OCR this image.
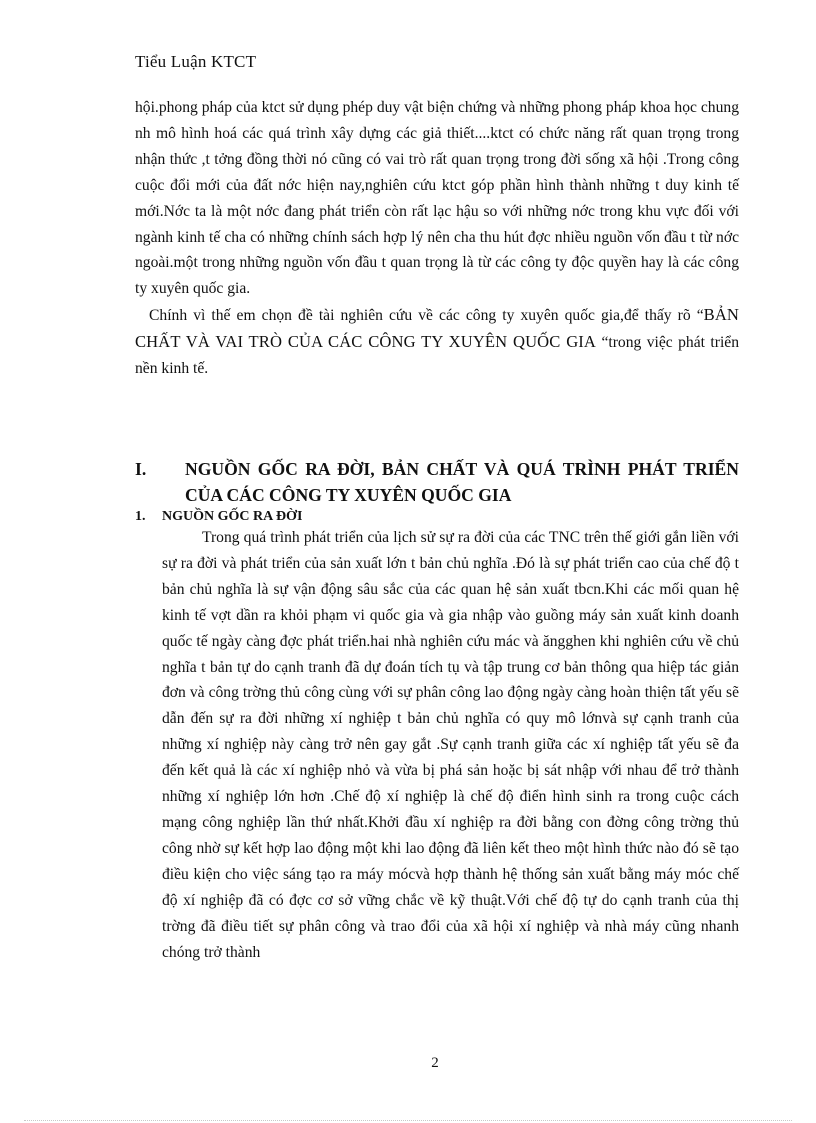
Tiểu Luận KTCT

hội.phong pháp của ktct sử dụng phép duy vật biện chứng và những phong pháp khoa học chung nh mô hình hoá các quá trình xây dựng các giả thiết....ktct có chức năng rất quan trọng trong nhận thức ,t tởng đồng thời nó cũng có vai trò rất quan trọng trong đời sống xã hội .Trong công cuộc đổi mới của đất nớc hiện nay,nghiên cứu ktct góp phần hình thành những t duy kinh tế mới.Nớc ta là một nớc đang phát triển còn rất lạc hậu so với những nớc trong khu vực đối với ngành kinh tế cha có những chính sách hợp lý nên cha thu hút đợc nhiều nguồn vốn đầu t từ nớc ngoài.một trong những nguồn vốn đầu t quan trọng là từ các công ty độc quyền hay là các công ty xuyên quốc gia.

Chính vì thế em chọn đề tài nghiên cứu về các công ty xuyên quốc gia,để thấy rõ “BẢN CHẤT VÀ VAI TRÒ CỦA CÁC CÔNG TY XUYÊN QUỐC GIA “trong việc phát triển nền kinh tế.

I. NGUỒN GỐC RA ĐỜI, BẢN CHẤT VÀ QUÁ TRÌNH PHÁT TRIỂN CỦA CÁC CÔNG TY XUYÊN QUỐC GIA
1. NGUỒN GỐC RA ĐỜI

Trong quá trình phát triển của lịch sử sự ra đời của các TNC trên thế giới gắn liền với sự ra đời và phát triển của sản xuất lớn t bản chủ nghĩa .Đó là sự phát triển cao của chế độ t bản chủ nghĩa là sự vận động sâu sắc của các quan hệ sản xuất tbcn.Khi các mối quan hệ kinh tế vợt dần ra khỏi phạm vi quốc gia và gia nhập vào guồng máy sản xuất kinh doanh quốc tế ngày càng đợc phát triển.hai nhà nghiên cứu mác và ăngghen khi nghiên cứu về chủ nghĩa t bản tự do cạnh tranh đã dự đoán tích tụ và tập trung cơ bản thông qua hiệp tác giản đơn và công trờng thủ công cùng với sự phân công lao động ngày càng hoàn thiện tất yếu sẽ dẫn đến sự ra đời những xí nghiệp t bản chủ nghĩa có quy mô lớnvà sự cạnh tranh của những xí nghiệp này càng trở nên gay gắt .Sự cạnh tranh giữa các xí nghiệp tất yếu sẽ đa đến kết quả là các xí nghiệp nhỏ và vừa bị phá sản hoặc bị sát nhập với nhau để trở thành những xí nghiệp lớn hơn .Chế độ xí nghiệp là chế độ điển hình sinh ra trong cuộc cách mạng công nghiệp lần thứ nhất.Khởi đầu xí nghiệp ra đời bằng con đờng công trờng thủ công nhờ sự kết hợp lao động một khi lao động đã liên kết theo một hình thức nào đó sẽ tạo điều kiện cho việc sáng tạo ra máy mócvà hợp thành hệ thống sản xuất bằng máy móc chế độ xí nghiệp đã có đợc cơ sở vững chắc về kỹ thuật.Với chế độ tự do cạnh tranh của thị trờng đã điều tiết sự phân công và trao đổi của xã hội xí nghiệp và nhà máy cũng nhanh chóng trở thành

2
